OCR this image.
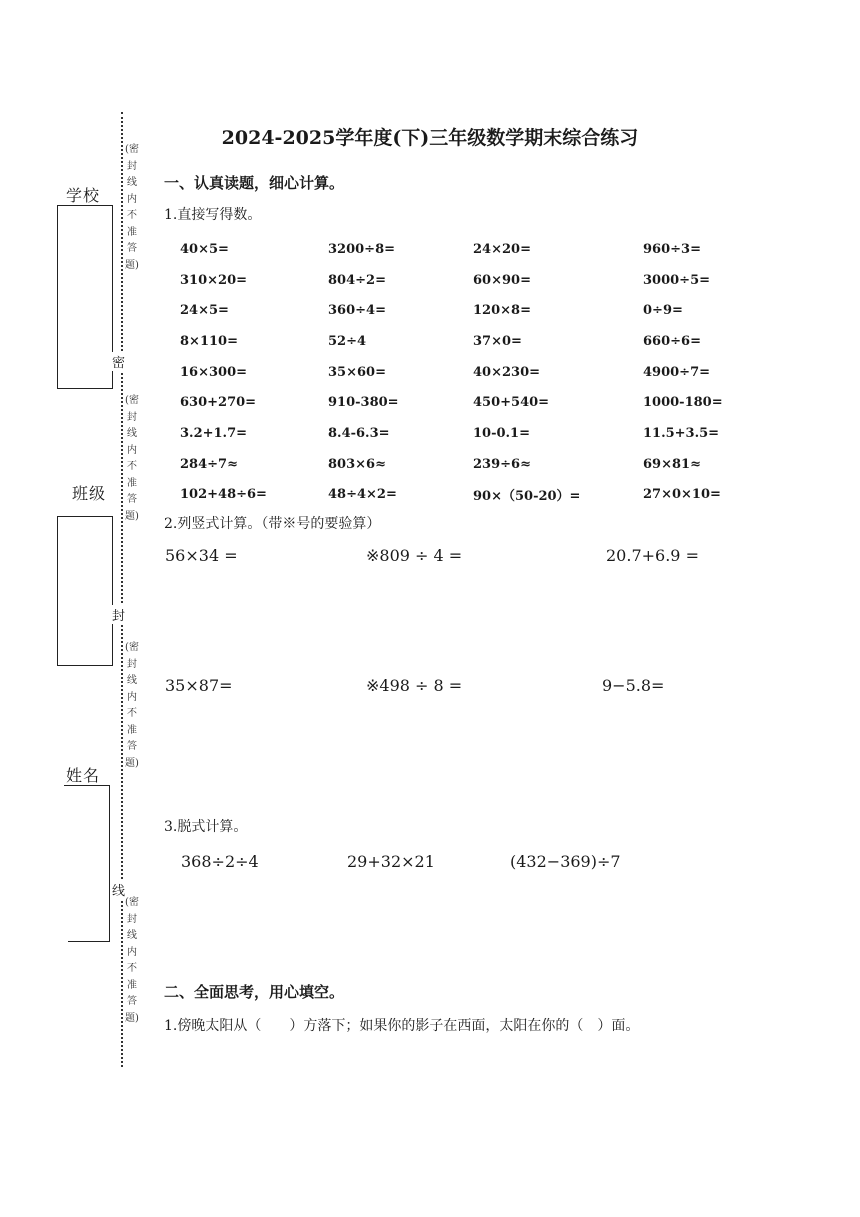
学校
班级
姓名
(密封线内不准答题)
(密封线内不准答题)
(密封线内不准答题)
(密封线内不准答题)
密
封
线
2024-2025学年度(下)三年级数学期末综合练习
一、认真读题，细心计算。
1.直接写得数。
40×5=	3200÷8=	24×20=	960÷3=
310×20=	804÷2=	60×90=	3000÷5=
24×5=	360÷4=	120×8=	0÷9=
8×110=	52÷4	37×0=	660÷6=
16×300=	35×60=	40×230=	4900÷7=
630+270=	910-380=	450+540=	1000-180=
3.2+1.7=	8.4-6.3=	10-0.1=	11.5+3.5=
284÷7≈	803×6≈	239÷6≈	69×81≈
102+48÷6=	48÷4×2=	90×（50-20）=	27×0×10=
2.列竖式计算。（带※号的要验算）
56×34 =	※809 ÷ 4 =	20.7+6.9 =
35×87=	※498 ÷ 8 =	9−5.8=
3.脱式计算。
368÷2÷4	29+32×21	(432−369)÷7
二、全面思考，用心填空。
1.傍晚太阳从（　　）方落下；如果你的影子在西面，太阳在你的（　）面。
